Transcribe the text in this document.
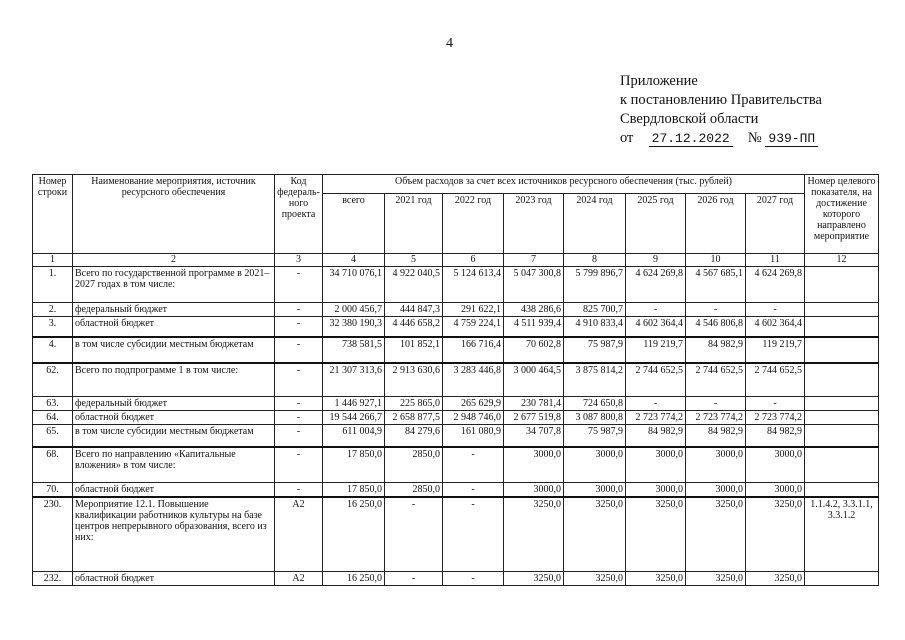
4
Приложение
к постановлению Правительства
Свердловской области
от 27.12.2022 № 939-ПП
Номер строки	Наименование мероприятия, источник ресурсного обеспечения	Код федераль-ного проекта	Объем расходов за счет всех источников ресурсного обеспечения (тыс. рублей)								Номер целевого показателя, на достижение которого направлено мероприятие
			всего	2021 год	2022 год	2023 год	2024 год	2025 год	2026 год	2027 год	
1	2	3	4	5	6	7	8	9	10	11	12
1.	Всего по государственной программе в 2021–2027 годах в том числе:	-	34 710 076,1	4 922 040,5	5 124 613,4	5 047 300,8	5 799 896,7	4 624 269,8	4 567 685,1	4 624 269,8	
2.	федеральный бюджет	-	2 000 456,7	444 847,3	291 622,1	438 286,6	825 700,7	-	-	-	
3.	областной бюджет	-	32 380 190,3	4 446 658,2	4 759 224,1	4 511 939,4	4 910 833,4	4 602 364,4	4 546 806,8	4 602 364,4	
4.	в том числе субсидии местным бюджетам	-	738 581,5	101 852,1	166 716,4	70 602,8	75 987,9	119 219,7	84 982,9	119 219,7	
62.	Всего по подпрограмме 1 в том числе:	-	21 307 313,6	2 913 630,6	3 283 446,8	3 000 464,5	3 875 814,2	2 744 652,5	2 744 652,5	2 744 652,5	
63.	федеральный бюджет	-	1 446 927,1	225 865,0	265 629,9	230 781,4	724 650,8	-	-	-	
64.	областной бюджет	-	19 544 266,7	2 658 877,5	2 948 746,0	2 677 519,8	3 087 800,8	2 723 774,2	2 723 774,2	2 723 774,2	
65.	в том числе субсидии местным бюджетам	-	611 004,9	84 279,6	161 080,9	34 707,8	75 987,9	84 982,9	84 982,9	84 982,9	
68.	Всего по направлению «Капитальные вложения» в том числе:	-	17 850,0	2850,0	-	3000,0	3000,0	3000,0	3000,0	3000,0	
70.	областной бюджет	-	17 850,0	2850,0	-	3000,0	3000,0	3000,0	3000,0	3000,0	
230.	Мероприятие 12.1. Повышение квалификации работников культуры на базе центров непрерывного образования, всего из них:	А2	16 250,0	-	-	3250,0	3250,0	3250,0	3250,0	3250,0	1.1.4.2, 3.3.1.1, 3.3.1.2
232.	областной бюджет	А2	16 250,0	-	-	3250,0	3250,0	3250,0	3250,0	3250,0	
